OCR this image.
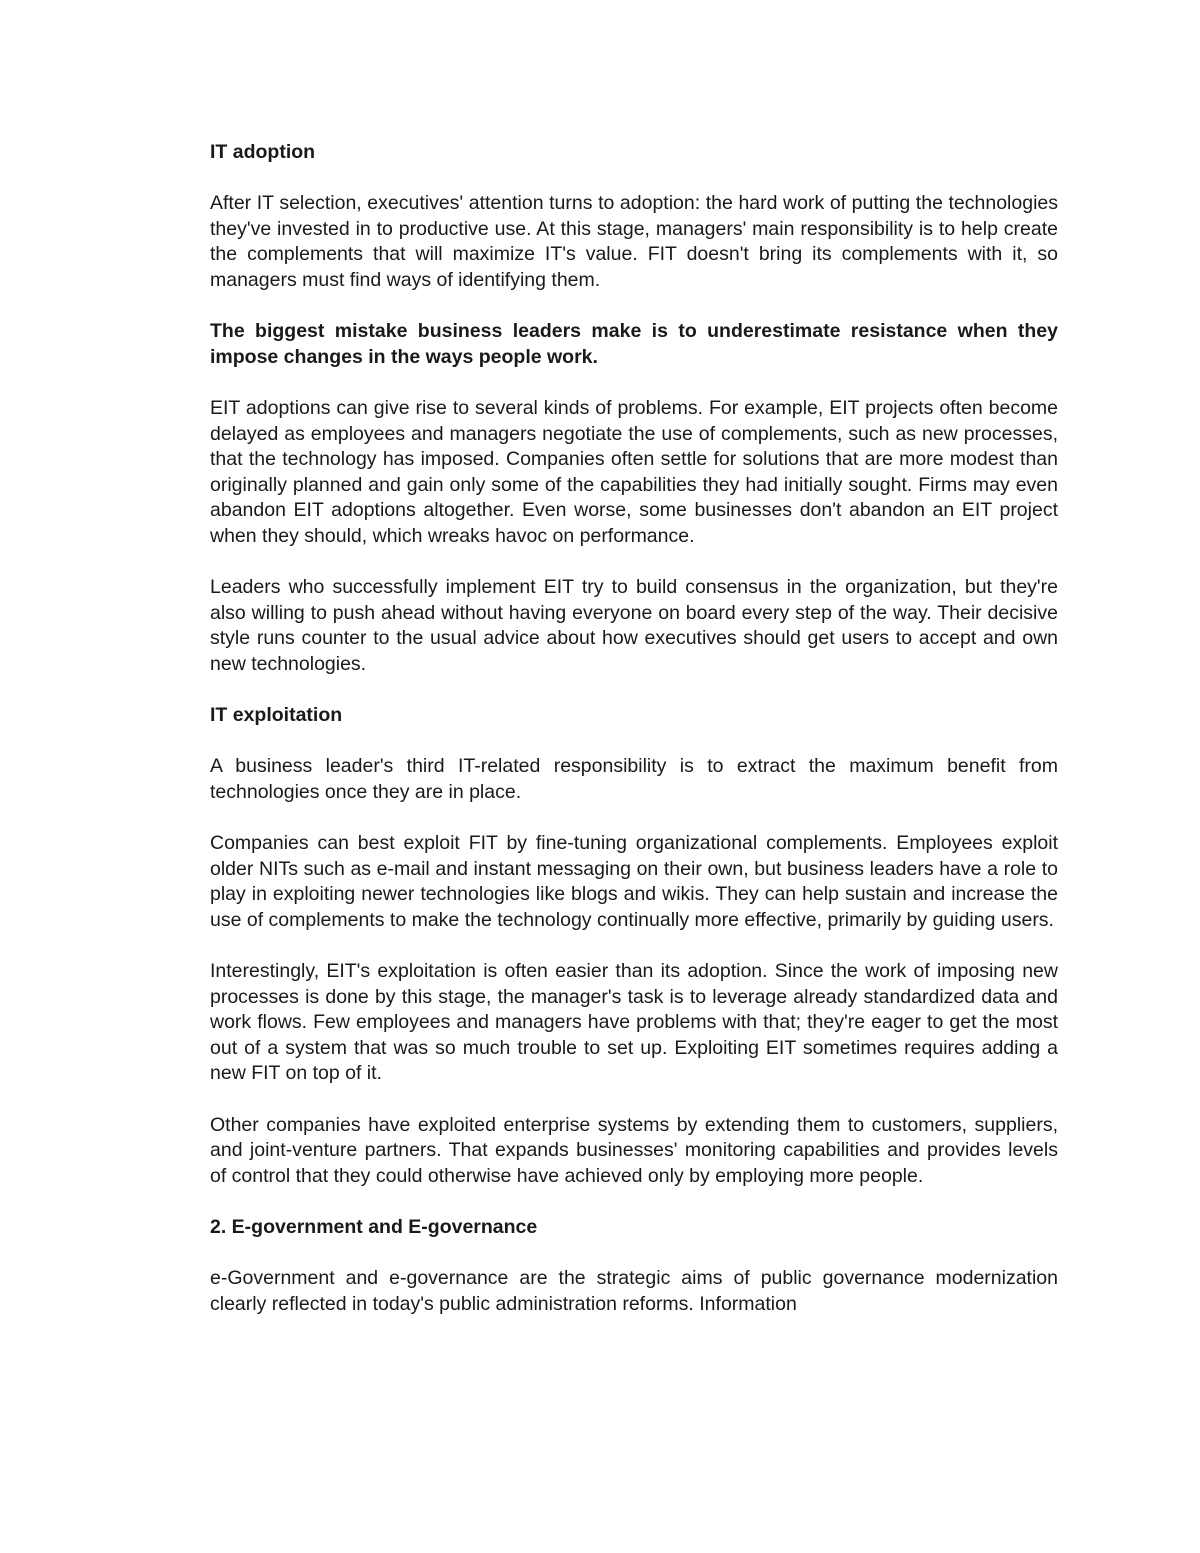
IT adoption
After IT selection, executives' attention turns to adoption: the hard work of putting the technologies they've invested in to productive use. At this stage, managers' main responsibility is to help create the complements that will maximize IT's value. FIT doesn't bring its complements with it, so managers must find ways of identifying them.
The biggest mistake business leaders make is to underestimate resistance when they impose changes in the ways people work.
EIT adoptions can give rise to several kinds of problems. For example, EIT projects often become delayed as employees and managers negotiate the use of complements, such as new processes, that the technology has imposed. Companies often settle for solutions that are more modest than originally planned and gain only some of the capabilities they had initially sought. Firms may even abandon EIT adoptions altogether. Even worse, some businesses don't abandon an EIT project when they should, which wreaks havoc on performance.
Leaders who successfully implement EIT try to build consensus in the organization, but they're also willing to push ahead without having everyone on board every step of the way. Their decisive style runs counter to the usual advice about how executives should get users to accept and own new technologies.
IT exploitation
A business leader's third IT-related responsibility is to extract the maximum benefit from technologies once they are in place.
Companies can best exploit FIT by fine-tuning organizational complements. Employees exploit older NITs such as e-mail and instant messaging on their own, but business leaders have a role to play in exploiting newer technologies like blogs and wikis. They can help sustain and increase the use of complements to make the technology continually more effective, primarily by guiding users.
Interestingly, EIT's exploitation is often easier than its adoption. Since the work of imposing new processes is done by this stage, the manager's task is to leverage already standardized data and work flows. Few employees and managers have problems with that; they're eager to get the most out of a system that was so much trouble to set up. Exploiting EIT sometimes requires adding a new FIT on top of it.
Other companies have exploited enterprise systems by extending them to customers, suppliers, and joint-venture partners. That expands businesses' monitoring capabilities and provides levels of control that they could otherwise have achieved only by employing more people.
2. E-government and E-governance
e-Government and e-governance are the strategic aims of public governance modernization clearly reflected in today's public administration reforms. Information
